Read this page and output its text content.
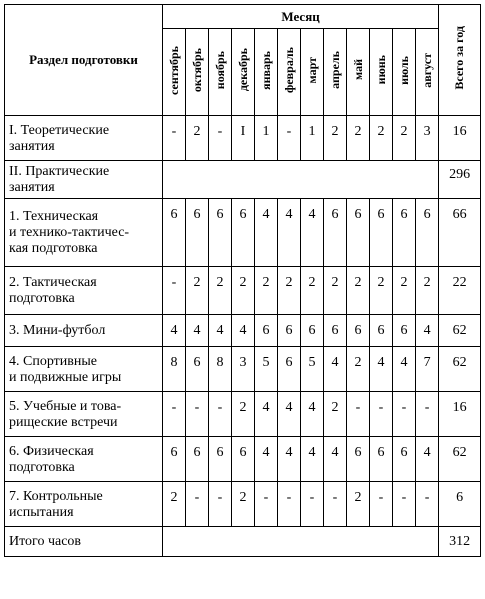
Раздел подготовки	Месяц												Всего за год
	сентябрь	октябрь	ноябрь	декабрь	январь	февраль	март	апрель	май	июнь	июль	август	

I. Теоретические
занятия	-	2	-	I	1	-	1	2	2	2	2	3	16

II. Практические
занятия													296

1. Техническая
и технико-тактичес-
кая подготовка	6	6	6	6	4	4	4	6	6	6	6	6	66

2. Тактическая
подготовка	-	2	2	2	2	2	2	2	2	2	2	2	22

3. Мини-футбол	4	4	4	4	6	6	6	6	6	6	6	4	62

4. Спортивные
и подвижные игры	8	6	8	3	5	6	5	4	2	4	4	7	62

5. Учебные и това-
рищеские встречи	-	-	-	2	4	4	4	2	-	-	-	-	16

6. Физическая
подготовка	6	6	6	6	4	4	4	4	6	6	6	4	62

7. Контрольные
испытания	2	-	-	2	-	-	-	-	2	-	-	-	6

Итого часов													312
